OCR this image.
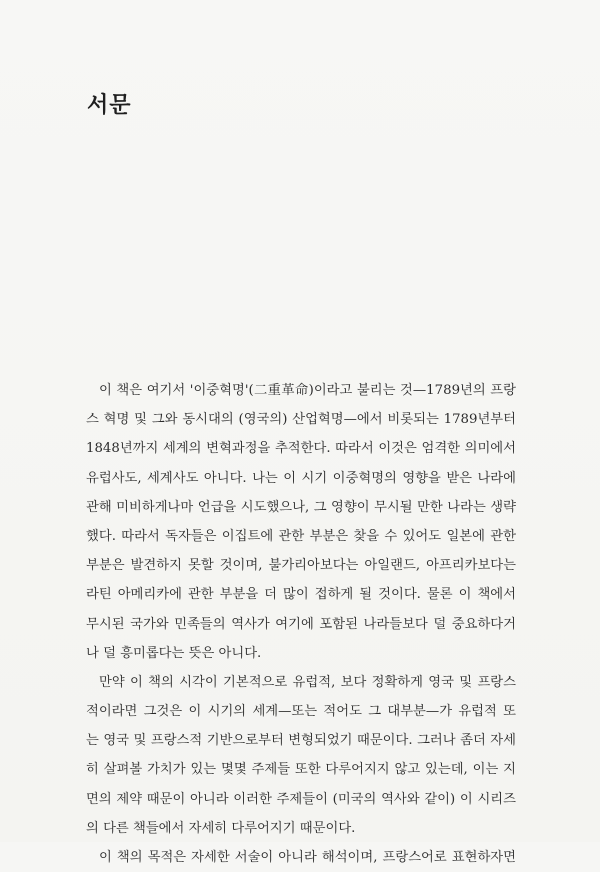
서문
이 책은 여기서 '이중혁명'(二重革命)이라고 불리는 것—1789년의 프랑
스 혁명 및 그와 동시대의 (영국의) 산업혁명—에서 비롯되는 1789년부터
1848년까지 세계의 변혁과정을 추적한다. 따라서 이것은 엄격한 의미에서
유럽사도, 세계사도 아니다. 나는 이 시기 이중혁명의 영향을 받은 나라에
관해 미비하게나마 언급을 시도했으나, 그 영향이 무시될 만한 나라는 생략
했다. 따라서 독자들은 이집트에 관한 부분은 찾을 수 있어도 일본에 관한
부분은 발견하지 못할 것이며, 불가리아보다는 아일랜드, 아프리카보다는
라틴 아메리카에 관한 부분을 더 많이 접하게 될 것이다. 물론 이 책에서
무시된 국가와 민족들의 역사가 여기에 포함된 나라들보다 덜 중요하다거
나 덜 흥미롭다는 뜻은 아니다.
만약 이 책의 시각이 기본적으로 유럽적, 보다 정확하게 영국 및 프랑스
적이라면 그것은 이 시기의 세계—또는 적어도 그 대부분—가 유럽적 또
는 영국 및 프랑스적 기반으로부터 변형되었기 때문이다. 그러나 좀더 자세
히 살펴볼 가치가 있는 몇몇 주제들 또한 다루어지지 않고 있는데, 이는 지
면의 제약 때문이 아니라 이러한 주제들이 (미국의 역사와 같이) 이 시리즈
의 다른 책들에서 자세히 다루어지기 때문이다.
이 책의 목적은 자세한 서술이 아니라 해석이며, 프랑스어로 표현하자면
